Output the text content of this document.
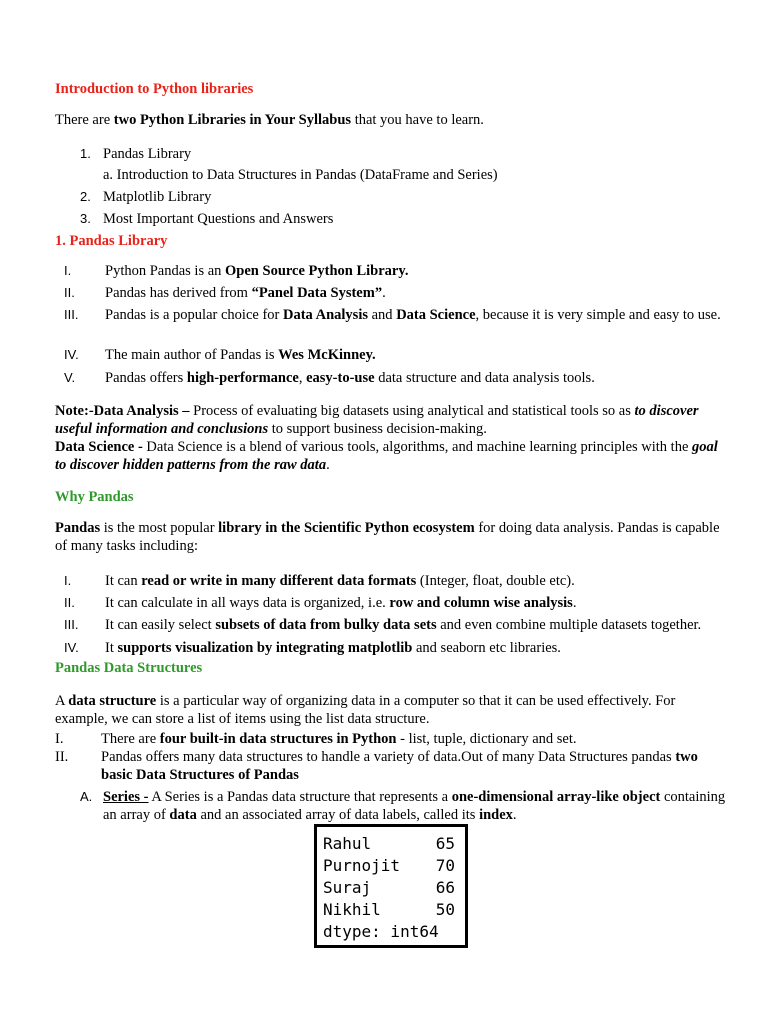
Introduction to Python libraries
There are two Python Libraries in Your Syllabus that you have to learn.
1. Pandas Library
a. Introduction to Data Structures in Pandas (DataFrame and Series)
2. Matplotlib Library
3. Most Important Questions and Answers
1. Pandas Library
I. Python Pandas is an Open Source Python Library.
II. Pandas has derived from “Panel Data System”.
III. Pandas is a popular choice for Data Analysis and Data Science, because it is very simple and easy to use.
IV. The main author of Pandas is Wes McKinney.
V. Pandas offers high-performance, easy-to-use data structure and data analysis tools.
Note:-Data Analysis – Process of evaluating big datasets using analytical and statistical tools so as to discover useful information and conclusions to support business decision-making.
Data Science - Data Science is a blend of various tools, algorithms, and machine learning principles with the goal to discover hidden patterns from the raw data.
Why Pandas
Pandas is the most popular library in the Scientific Python ecosystem for doing data analysis. Pandas is capable of many tasks including:
I. It can read or write in many different data formats (Integer, float, double etc).
II. It can calculate in all ways data is organized, i.e. row and column wise analysis.
III. It can easily select subsets of data from bulky data sets and even combine multiple datasets together.
IV. It supports visualization by integrating matplotlib and seaborn etc libraries.
Pandas Data Structures
A data structure is a particular way of organizing data in a computer so that it can be used effectively. For example, we can store a list of items using the list data structure.
I.	There are four built-in data structures in Python - list, tuple, dictionary and set.
II. Pandas offers many data structures to handle a variety of data.Out of many Data Structures pandas two basic Data Structures of Pandas
A. Series - A Series is a Pandas data structure that represents a one-dimensional array-like object containing an array of data and an associated array of data labels, called its index.
Rahul	65
Purnojit 70
Suraj	66
Nikhil	50
dtype: int64
